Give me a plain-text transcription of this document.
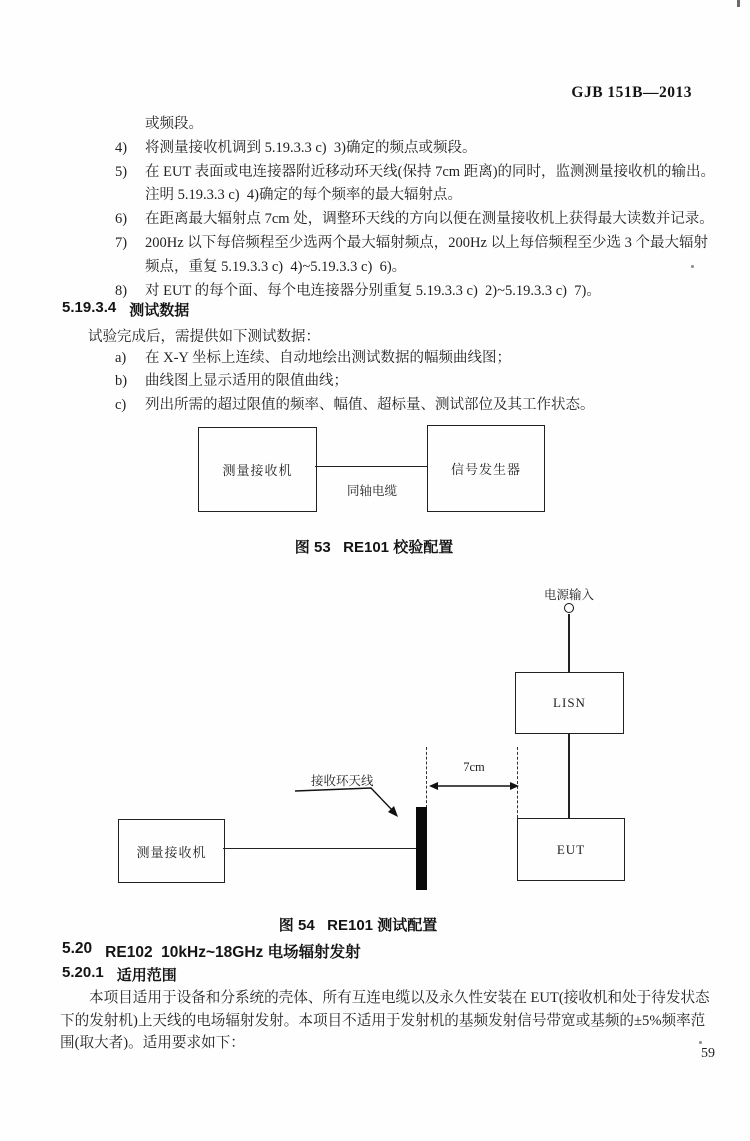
GJB 151B—2013
或频段。
4)	将测量接收机调到 5.19.3.3 c)  3)确定的频点或频段。
5)	在 EUT 表面或电连接器附近移动环天线(保持 7cm 距离)的同时，监测测量接收机的输出。
注明 5.19.3.3 c)  4)确定的每个频率的最大辐射点。
6)	在距离最大辐射点 7cm 处，调整环天线的方向以便在测量接收机上获得最大读数并记录。
7)	200Hz 以下每倍频程至少选两个最大辐射频点，200Hz 以上每倍频程至少选 3 个最大辐射
频点，重复 5.19.3.3 c)  4)~5.19.3.3 c)  6)。
8)	对 EUT 的每个面、每个电连接器分别重复 5.19.3.3 c)  2)~5.19.3.3 c)  7)。
5.19.3.4 测试数据
试验完成后，需提供如下测试数据：
a)	在 X-Y 坐标上连续、自动地绘出测试数据的幅频曲线图；
b)	曲线图上显示适用的限值曲线；
c)	列出所需的超过限值的频率、幅值、超标量、测试部位及其工作状态。
测量接收机	信号发生器
同轴电缆
图 53   RE101 校验配置
电源输入
LISN
7cm
接收环天线
测量接收机	EUT
图 54   RE101 测试配置
5.20 RE102  10kHz~18GHz 电场辐射发射
5.20.1 适用范围
本项目适用于设备和分系统的壳体、所有互连电缆以及永久性安装在 EUT(接收机和处于待发状态
下的发射机)上天线的电场辐射发射。本项目不适用于发射机的基频发射信号带宽或基频的±5%频率范
围(取大者)。适用要求如下：
59
